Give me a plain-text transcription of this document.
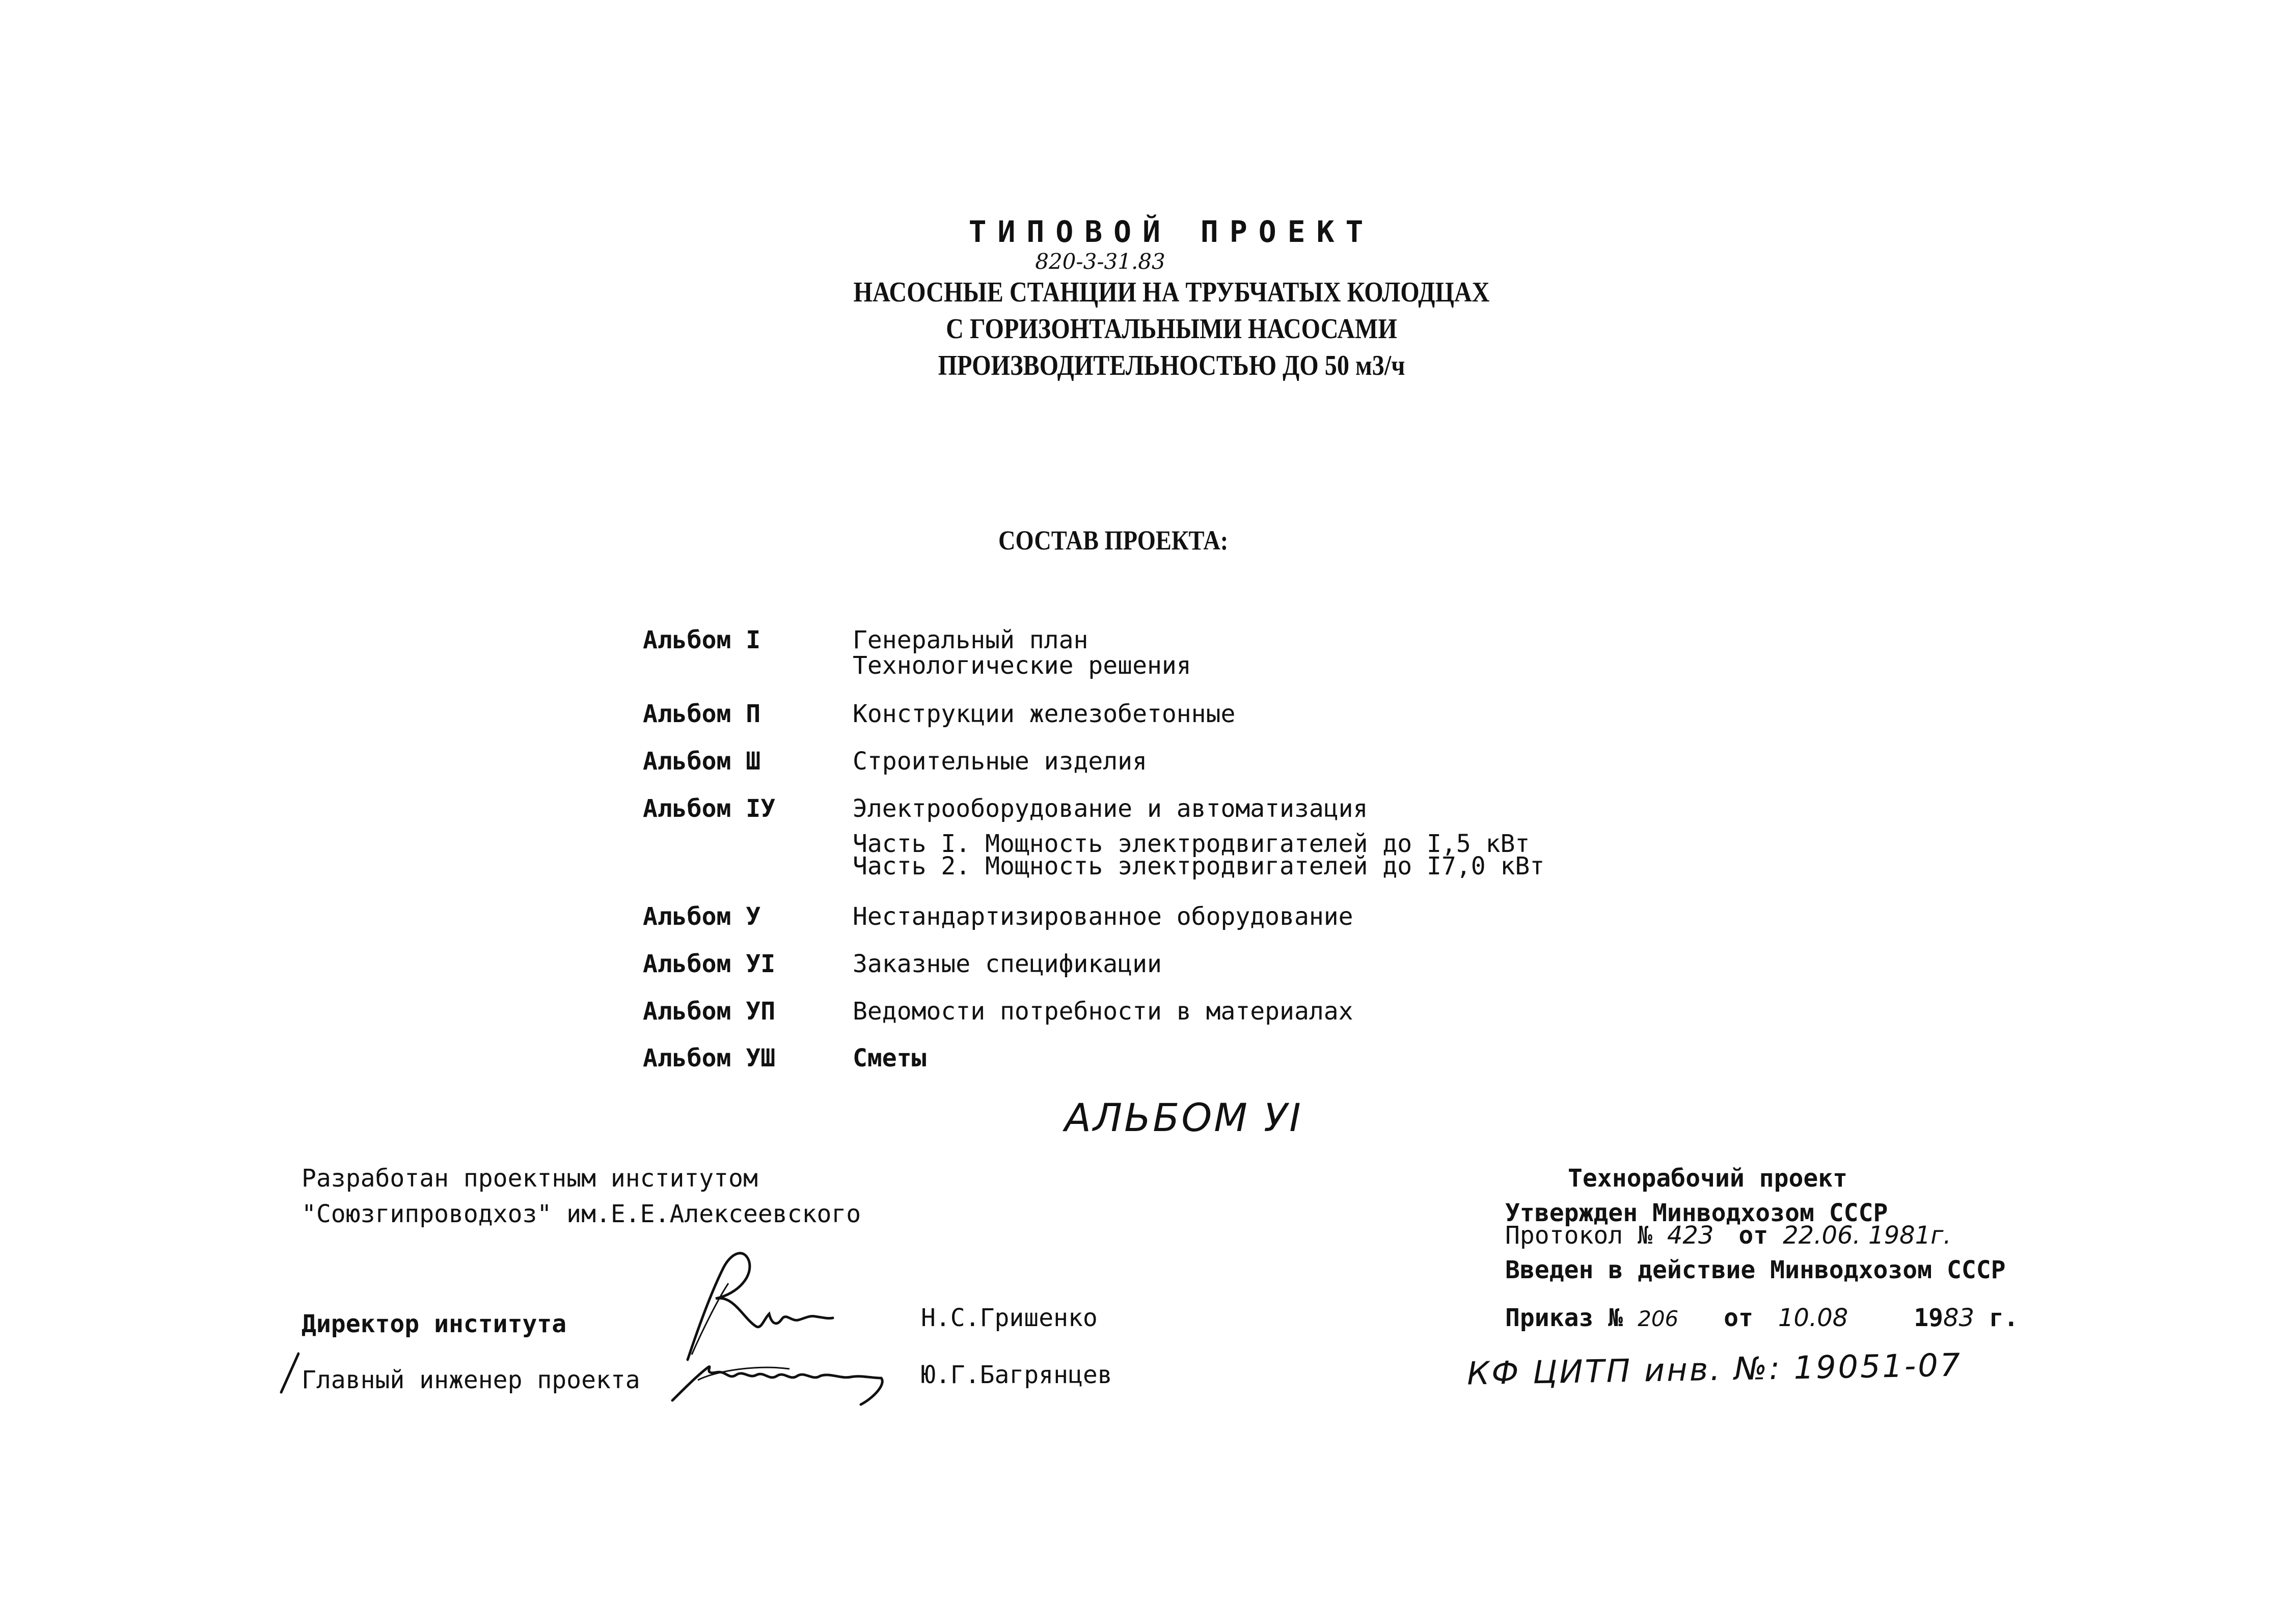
ТИПОВОЙ ПРОЕКТ
820-3-31.83
НАСОСНЫЕ СТАНЦИИ НА ТРУБЧАТЫХ КОЛОДЦАХ
С ГОРИЗОНТАЛЬНЫМИ НАСОСАМИ
ПРОИЗВОДИТЕЛЬНОСТЬЮ ДО 50 м3/ч
СОСТАВ ПРОЕКТА:
Альбом I	Генеральный план
Технологические решения
Альбом П	Конструкции железобетонные
Альбом Ш	Строительные изделия
Альбом IУ	Электрооборудование и автоматизация
Часть I. Мощность электродвигателей до I,5 кВт
Часть 2. Мощность электродвигателей до I7,0 кВт
Альбом У	Нестандартизированное оборудование
Альбом УI	Заказные спецификации
Альбом УП	Ведомости потребности в материалах
Альбом УШ	Сметы
АЛЬБОМ УI
Разработан проектным институтом
"Союзгипроводхоз" им.Е.Е.Алексеевского
Директор института	Н.С.Гришенко
Главный инженер проекта	Ю.Г.Багрянцев
Технорабочий проект
Утвержден Минводхозом СССР
Протокол № 423 от 22.06. 1981г.
Введен в действие Минводхозом СССР
Приказ № 206 от 10.08	1983 г.
КФ ЦИТП инв. №: 19051-07
